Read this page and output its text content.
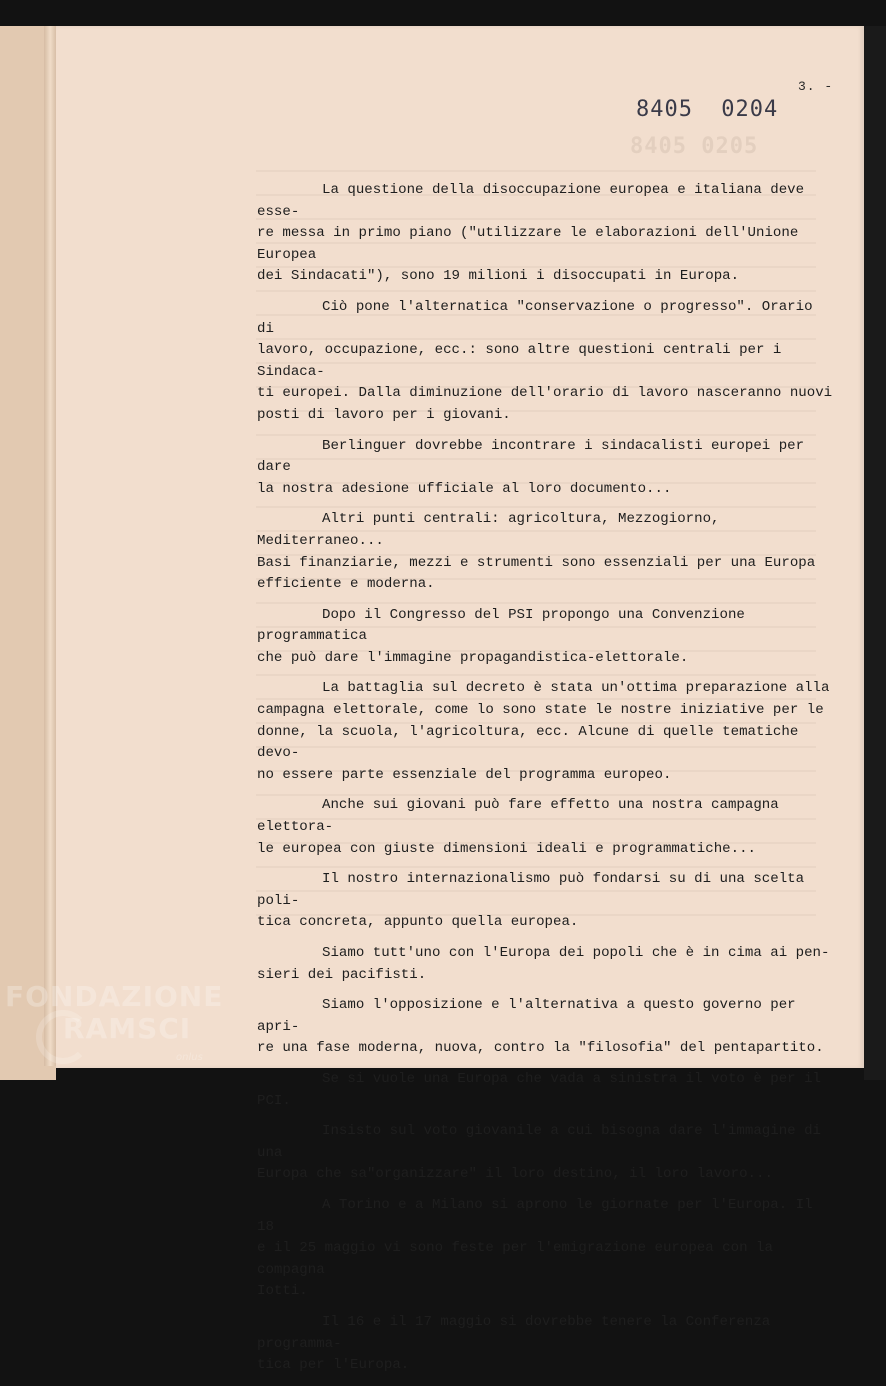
8405 0205
3. -
8405 0204

La questione della disoccupazione europea e italiana deve esse-
re messa in primo piano ("utilizzare le elaborazioni dell'Unione Europea
dei Sindacati"), sono 19 milioni i disoccupati in Europa.

Ciò pone l'alternatica "conservazione o progresso". Orario di
lavoro, occupazione, ecc.: sono altre questioni centrali per i Sindaca-
ti europei. Dalla diminuzione dell'orario di lavoro nasceranno nuovi
posti di lavoro per i giovani.

Berlinguer dovrebbe incontrare i sindacalisti europei per dare
la nostra adesione ufficiale al loro documento...

Altri punti centrali: agricoltura, Mezzogiorno, Mediterraneo...
Basi finanziarie, mezzi e strumenti sono essenziali per una Europa
efficiente e moderna.

Dopo il Congresso del PSI propongo una Convenzione programmatica
che può dare l'immagine propagandistica-elettorale.

La battaglia sul decreto è stata un'ottima preparazione alla
campagna elettorale, come lo sono state le nostre iniziative per le
donne, la scuola, l'agricoltura, ecc. Alcune di quelle tematiche devo-
no essere parte essenziale del programma europeo.

Anche sui giovani può fare effetto una nostra campagna elettora-
le europea con giuste dimensioni ideali e programmatiche...

Il nostro internazionalismo può fondarsi su di una scelta poli-
tica concreta, appunto quella europea.

Siamo tutt'uno con l'Europa dei popoli che è in cima ai pen-
sieri dei pacifisti.

Siamo l'opposizione e l'alternativa a questo governo per apri-
re una fase moderna, nuova, contro la "filosofia" del pentapartito.

Se si vuole una Europa che vada a sinistra il voto è per il
PCI.

Insisto sul voto giovanile a cui bisogna dare l'immagine di una
Europa che sa"organizzare" il loro destino, il loro lavoro...

A Torino e a Milano si aprono le giornate per l'Europa. Il 18
e il 25 maggio vi sono feste per l'emigrazione europea con la compagna
Iotti.

Il 16 e il 17 maggio si dovrebbe tenere la Conferenza programma-
tica per l'Europa.

FONDAZIONE
RAMSCI
onlus
